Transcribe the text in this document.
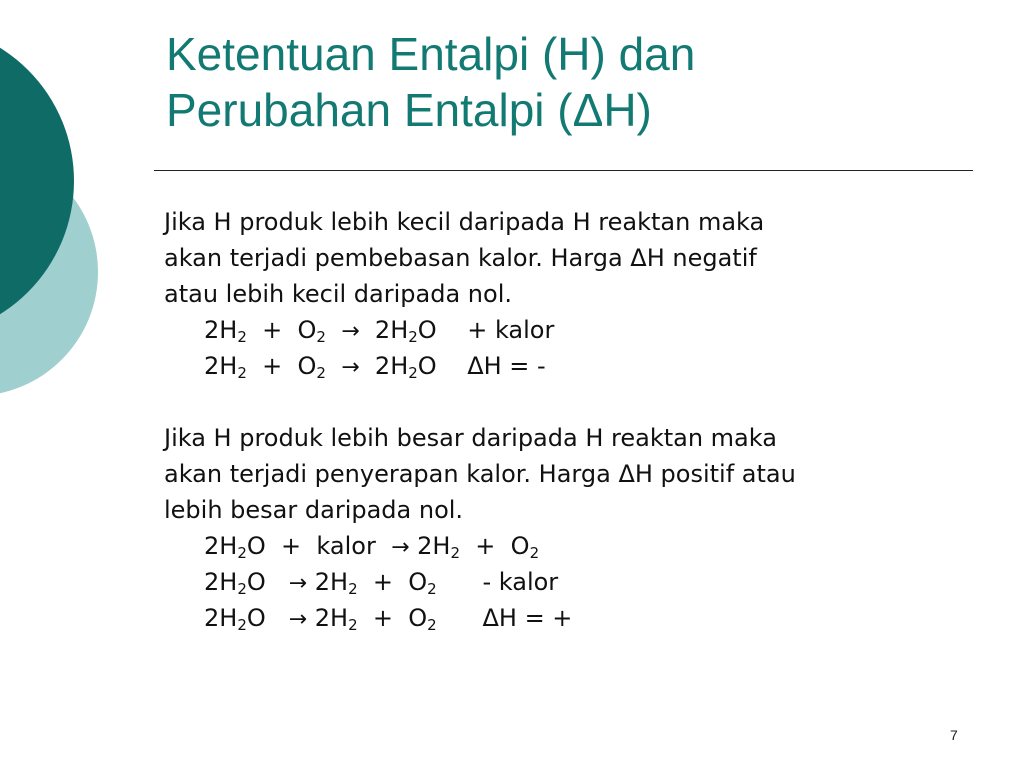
Ketentuan Entalpi (H) dan
Perubahan Entalpi (ΔH)
Jika H produk lebih kecil daripada H reaktan maka
akan terjadi pembebasan kalor. Harga ΔH negatif
atau lebih kecil daripada nol.
$2H_2 + O_2 \to 2H_2O$ + kalor
$2H_2 + O_2 \to 2H_2O$ ΔH = -
Jika H produk lebih besar daripada H reaktan maka
akan terjadi penyerapan kalor. Harga ΔH positif atau
lebih besar daripada nol.
$2H_2O$ + kalor → $2H_2 + O_2$
$2H_2O \to 2H_2 + O_2$ - kalor
$2H_2O \to 2H_2 + O_2$ ΔH = +
7
